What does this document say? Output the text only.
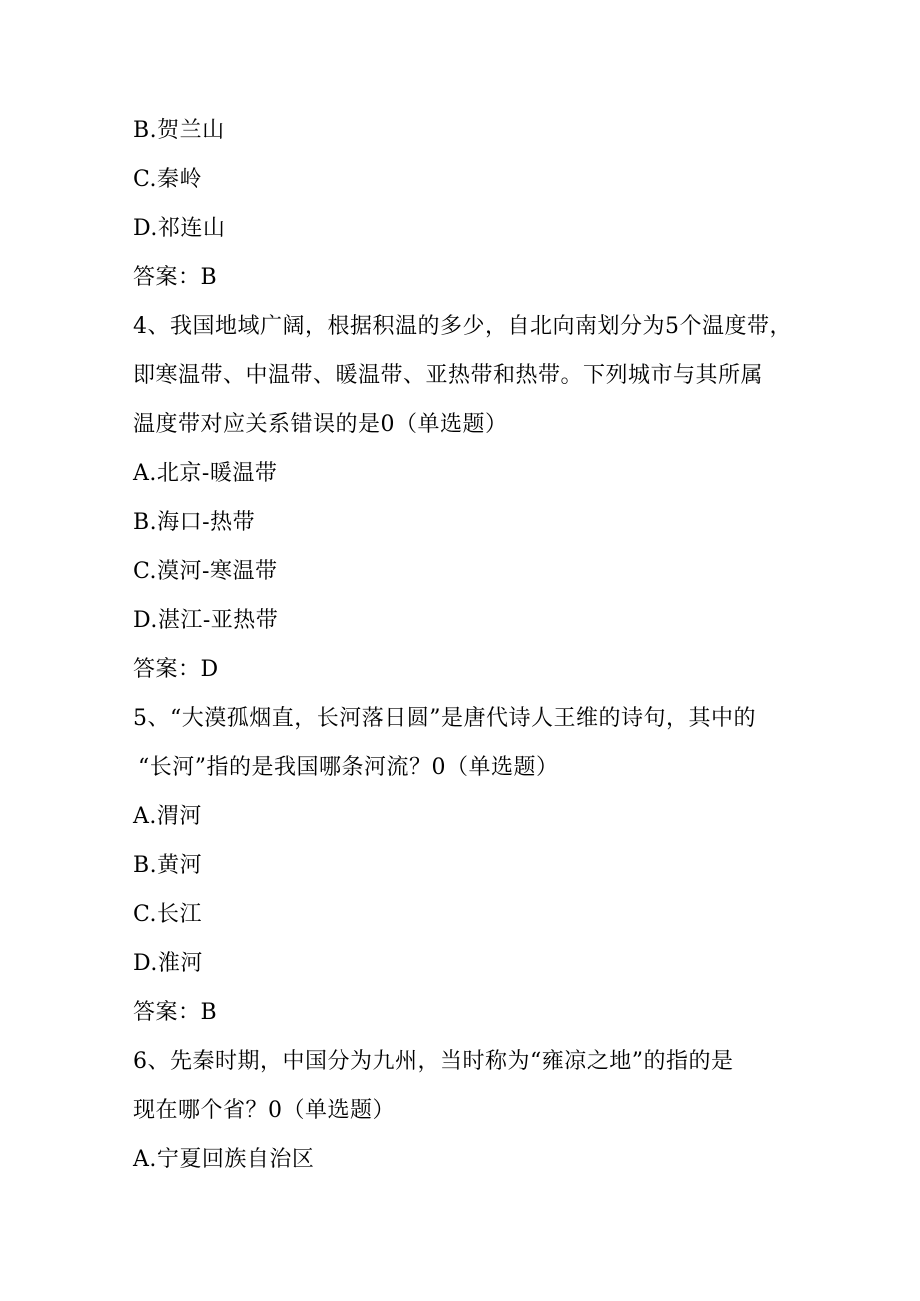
B.贺兰山
C.秦岭
D.祁连山
答案：B
4、我国地域广阔，根据积温的多少，自北向南划分为5个温度带，
即寒温带、中温带、暖温带、亚热带和热带。下列城市与其所属
温度带对应关系错误的是0（单选题）
A.北京-暖温带
B.海口-热带
C.漠河-寒温带
D.湛江-亚热带
答案：D
5、“大漠孤烟直，长河落日圆”是唐代诗人王维的诗句，其中的
“长河”指的是我国哪条河流？0（单选题）
A.渭河
B.黄河
C.长江
D.淮河
答案：B
6、先秦时期，中国分为九州，当时称为“雍凉之地”的指的是
现在哪个省？0（单选题）
A.宁夏回族自治区
